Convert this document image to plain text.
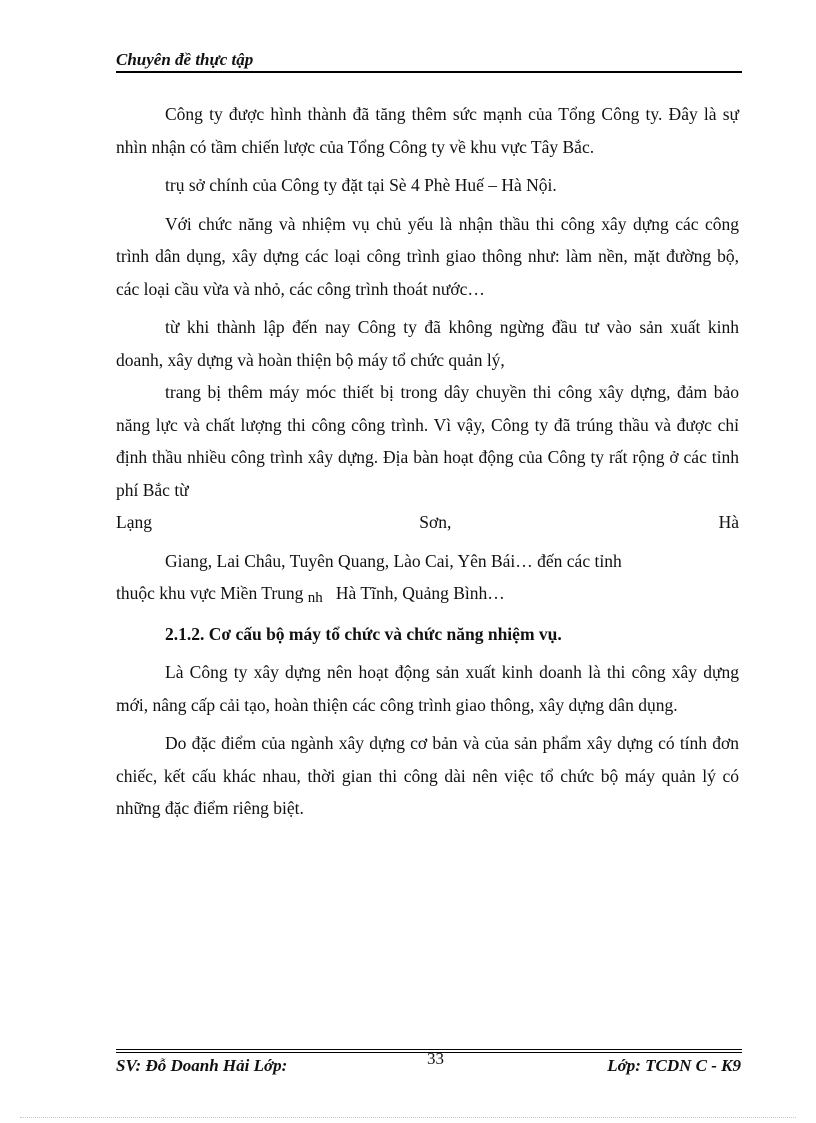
Chuyên đề thực tập

Công ty được hình thành đã tăng thêm sức mạnh của Tổng Công ty. Đây là sự nhìn nhận có tầm chiến lược của Tổng Công ty về khu vực Tây Bắc.

trụ sở chính của Công ty đặt tại Sè 4 Phè Huế – Hà Nội.

Với chức năng và nhiệm vụ chủ yếu là nhận thầu thi công xây dựng các công trình dân dụng, xây dựng các loại công trình giao thông như: làm nền, mặt đường bộ, các loại cầu vừa và nhỏ, các công trình thoát nước…

từ khi thành lập đến nay Công ty đã không ngừng đầu tư vào sản xuất kinh doanh, xây dựng và hoàn thiện bộ máy tổ chức quản lý,

trang bị thêm máy móc thiết bị trong dây chuyền thi công xây dựng, đảm bảo năng lực và chất lượng thi công công trình. Vì vậy, Công ty đã trúng thầu và được chỉ định thầu nhiều công trình xây dựng. Địa bàn hoạt động của Công ty rất rộng ở các tỉnh phí Bắc từ

Lạng	Sơn,	Hà
Giang, Lai Châu, Tuyên Quang, Lào Cai, Yên Bái… đến các tỉnh
thuộc khu vực Miền Trung nh Hà Tĩnh, Quảng Bình…
2.1.2. Cơ cấu bộ máy tổ chức và chức năng nhiệm vụ.

Là Công ty xây dựng nên hoạt động sản xuất kinh doanh là thi công xây dựng mới, nâng cấp cải tạo, hoàn thiện các công trình giao thông, xây dựng dân dụng.

Do đặc điểm của ngành xây dựng cơ bản và của sản phẩm xây dựng có tính đơn chiếc, kết cấu khác nhau, thời gian thi công dài nên việc tổ chức bộ máy quản lý có những đặc điểm riêng biệt.

SV: Đỗ Doanh Hải Lớp:	33	Lớp: TCDN C - K9
